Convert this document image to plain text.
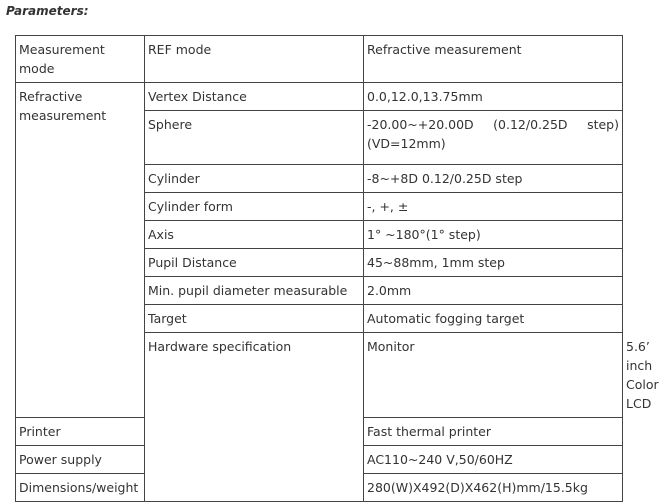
Parameters:
Measurement mode	REF mode	Refractive measurement	
Refractive measurement	Vertex Distance	0.0,12.0,13.75mm	
	Sphere	-20.00~+20.00D (0.12/0.25D step)
(VD=12mm)	

	Cylinder	-8~+8D 0.12/0.25D step	
	Cylinder form	-, +, ±	
	Axis	1° ~180°(1° step)	
	Pupil Distance	45~88mm, 1mm step	
	Min. pupil diameter measurable	2.0mm	
	Target	Automatic fogging target	
	Hardware specification	Monitor	5.6’ inch Color LCD
Printer		Fast thermal printer	
Power supply		AC110~240 V,50/60HZ	
Dimensions/weight		280(W)X492(D)X462(H)mm/15.5kg	
